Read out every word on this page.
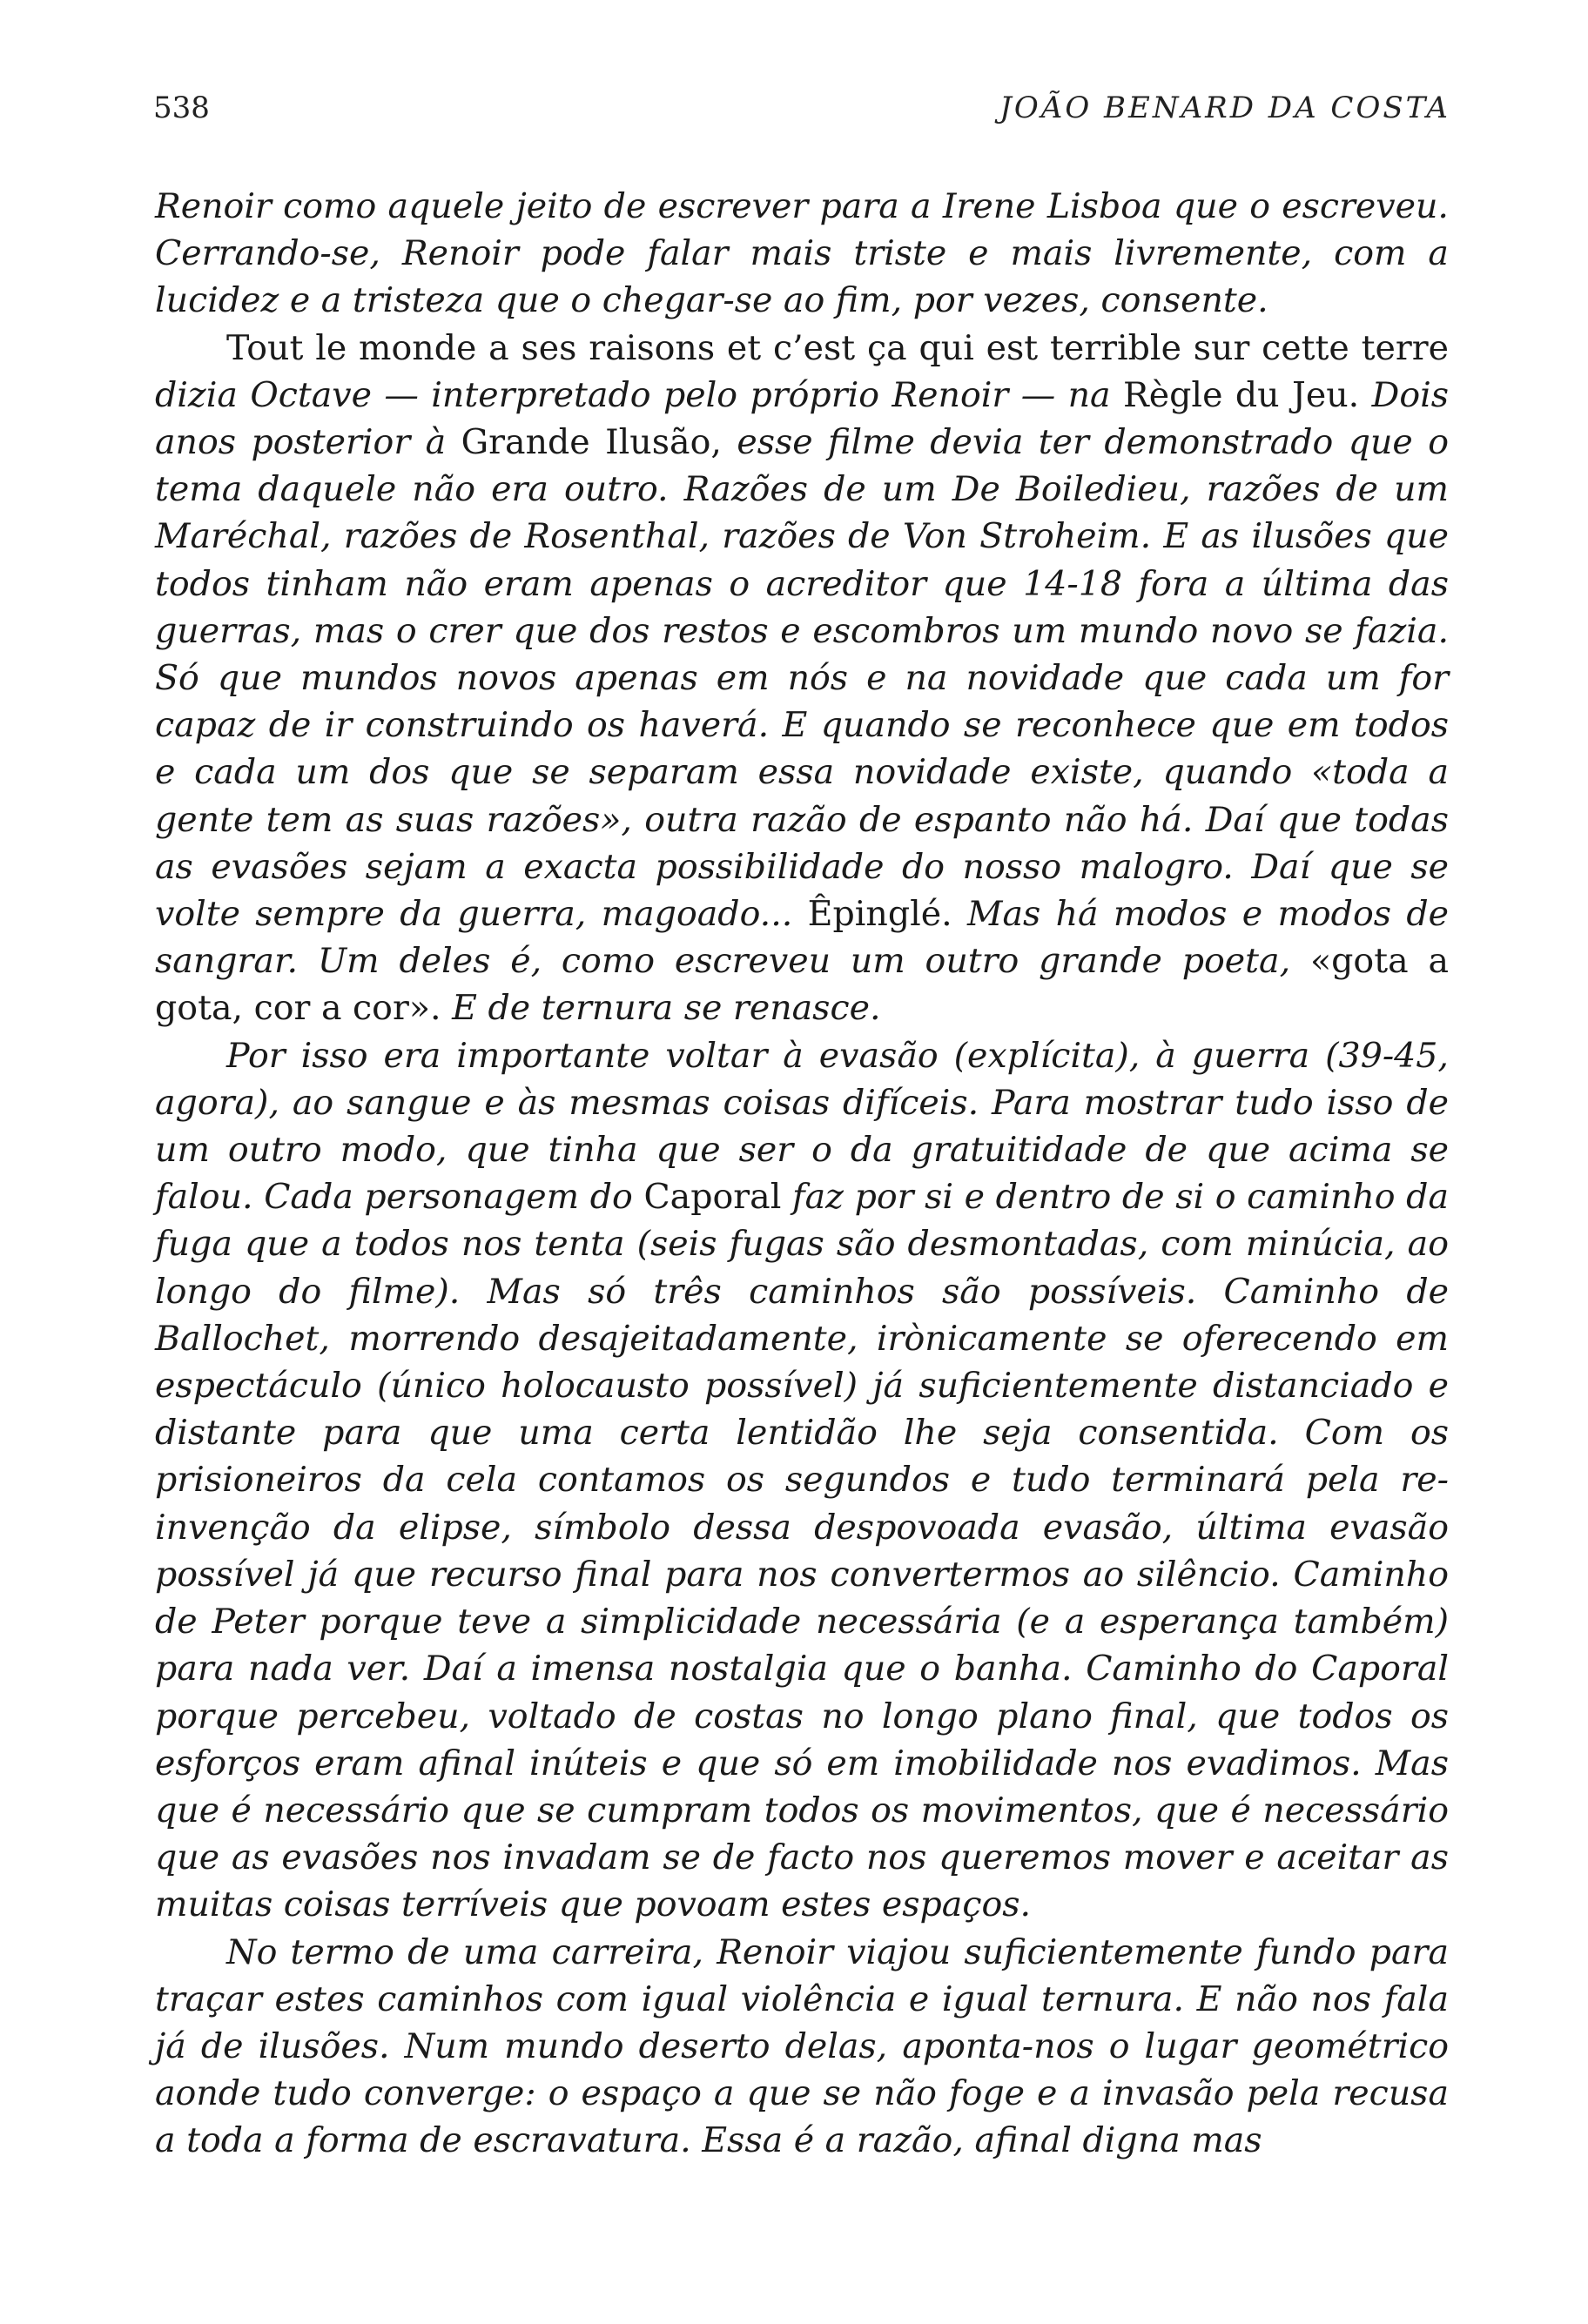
538	JOÃO BENARD DA COSTA

Renoir como aquele jeito de escrever para a Irene Lisboa que o escreveu. Cerrando-se, Renoir pode falar mais triste e mais livremente, com a lucidez e a tristeza que o chegar-se ao fim, por vezes, consente.

Tout le monde a ses raisons et c’est ça qui est terrible sur cette terre dizia Octave — interpretado pelo próprio Renoir — na Règle du Jeu. Dois anos posterior à Grande Ilusão, esse filme devia ter demonstrado que o tema daquele não era outro. Razões de um De Boiledieu, razões de um Maréchal, razões de Rosenthal, razões de Von Stroheim. E as ilusões que todos tinham não eram apenas o acreditor que 14-18 fora a última das guerras, mas o crer que dos restos e escombros um mundo novo se fazia. Só que mundos novos apenas em nós e na novidade que cada um for capaz de ir construindo os haverá. E quando se reconhece que em todos e cada um dos que se separam essa novidade existe, quando «toda a gente tem as suas razões», outra razão de espanto não há. Daí que todas as evasões sejam a exacta possibilidade do nosso malogro. Daí que se volte sempre da guerra, magoado... Êpinglé. Mas há modos e modos de sangrar. Um deles é, como escreveu um outro grande poeta, «gota a gota, cor a cor». E de ternura se renasce.

Por isso era importante voltar à evasão (explícita), à guerra (39-45, agora), ao sangue e às mesmas coisas difíceis. Para mostrar tudo isso de um outro modo, que tinha que ser o da gratuitidade de que acima se falou. Cada personagem do Caporal faz por si e dentro de si o caminho da fuga que a todos nos tenta (seis fugas são desmontadas, com minúcia, ao longo do filme). Mas só três caminhos são possíveis. Caminho de Ballochet, morrendo desajeitadamente, irònicamente se oferecendo em espectáculo (único holocausto possível) já suficientemente distanciado e distante para que uma certa lentidão lhe seja consentida. Com os prisioneiros da cela contamos os segundos e tudo terminará pela re-invenção da elipse, símbolo dessa despovoada evasão, última evasão possível já que recurso final para nos convertermos ao silêncio. Caminho de Peter porque teve a simplicidade necessária (e a esperança também) para nada ver. Daí a imensa nostalgia que o banha. Caminho do Caporal porque percebeu, voltado de costas no longo plano final, que todos os esforços eram afinal inúteis e que só em imobilidade nos evadimos. Mas que é necessário que se cumpram todos os movimentos, que é necessário que as evasões nos invadam se de facto nos queremos mover e aceitar as muitas coisas terríveis que povoam estes espaços.

No termo de uma carreira, Renoir viajou suficientemente fundo para traçar estes caminhos com igual violência e igual ternura. E não nos fala já de ilusões. Num mundo deserto delas, aponta-nos o lugar geométrico aonde tudo converge: o espaço a que se não foge e a invasão pela recusa a toda a forma de escravatura. Essa é a razão, afinal digna mas
